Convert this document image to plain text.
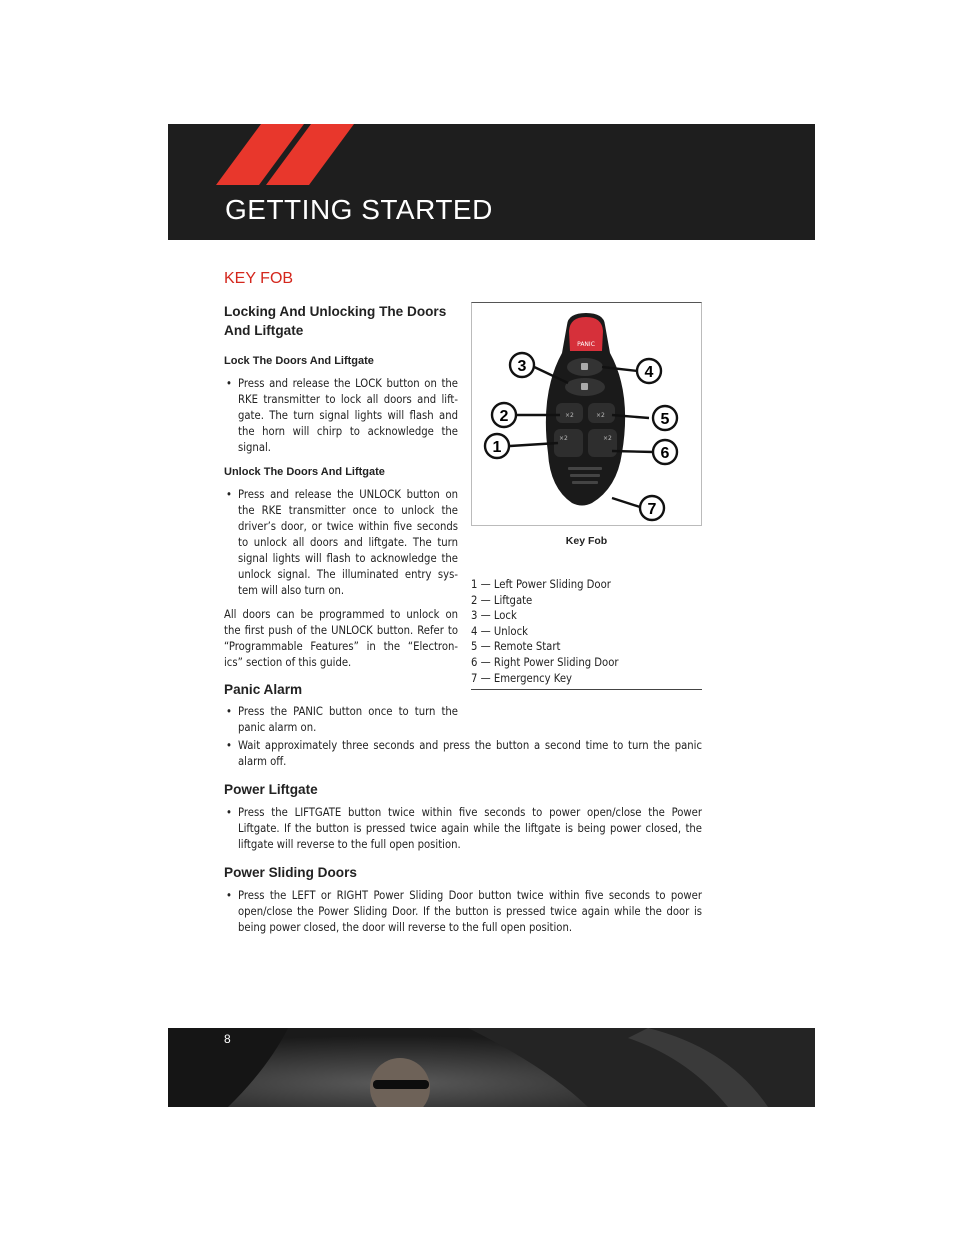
GETTING STARTED
KEY FOB
Locking And Unlocking The Doors And Liftgate
Lock The Doors And Liftgate
• Press and release the LOCK button on the RKE transmitter to lock all doors and lift-gate. The turn signal lights will flash and the horn will chirp to acknowledge the signal.
Unlock The Doors And Liftgate
• Press and release the UNLOCK button on the RKE transmitter once to unlock the driver’s door, or twice within five seconds to unlock all doors and liftgate. The turn signal lights will flash to acknowledge the unlock signal. The illuminated entry sys-tem will also turn on.

All doors can be programmed to unlock on the first push of the UNLOCK button. Refer to “Programmable Features” in the “Electron-ics” section of this guide.

Panic Alarm
• Press the PANIC button once to turn the panic alarm on.
PANIC
×2	×2
×2	×2
3	4
2	5
1	6
7
Key Fob
1 — Left Power Sliding Door
2 — Liftgate
3 — Lock
4 — Unlock
5 — Remote Start
6 — Right Power Sliding Door
7 — Emergency Key
• Wait approximately three seconds and press the button a second time to turn the panic alarm off.
Power Liftgate
• Press the LIFTGATE button twice within five seconds to power open/close the Power Liftgate. If the button is pressed twice again while the liftgate is being power closed, the liftgate will reverse to the full open position.
Power Sliding Doors
• Press the LEFT or RIGHT Power Sliding Door button twice within five seconds to power open/close the Power Sliding Door. If the button is pressed twice again while the door is being power closed, the door will reverse to the full open position.
8
